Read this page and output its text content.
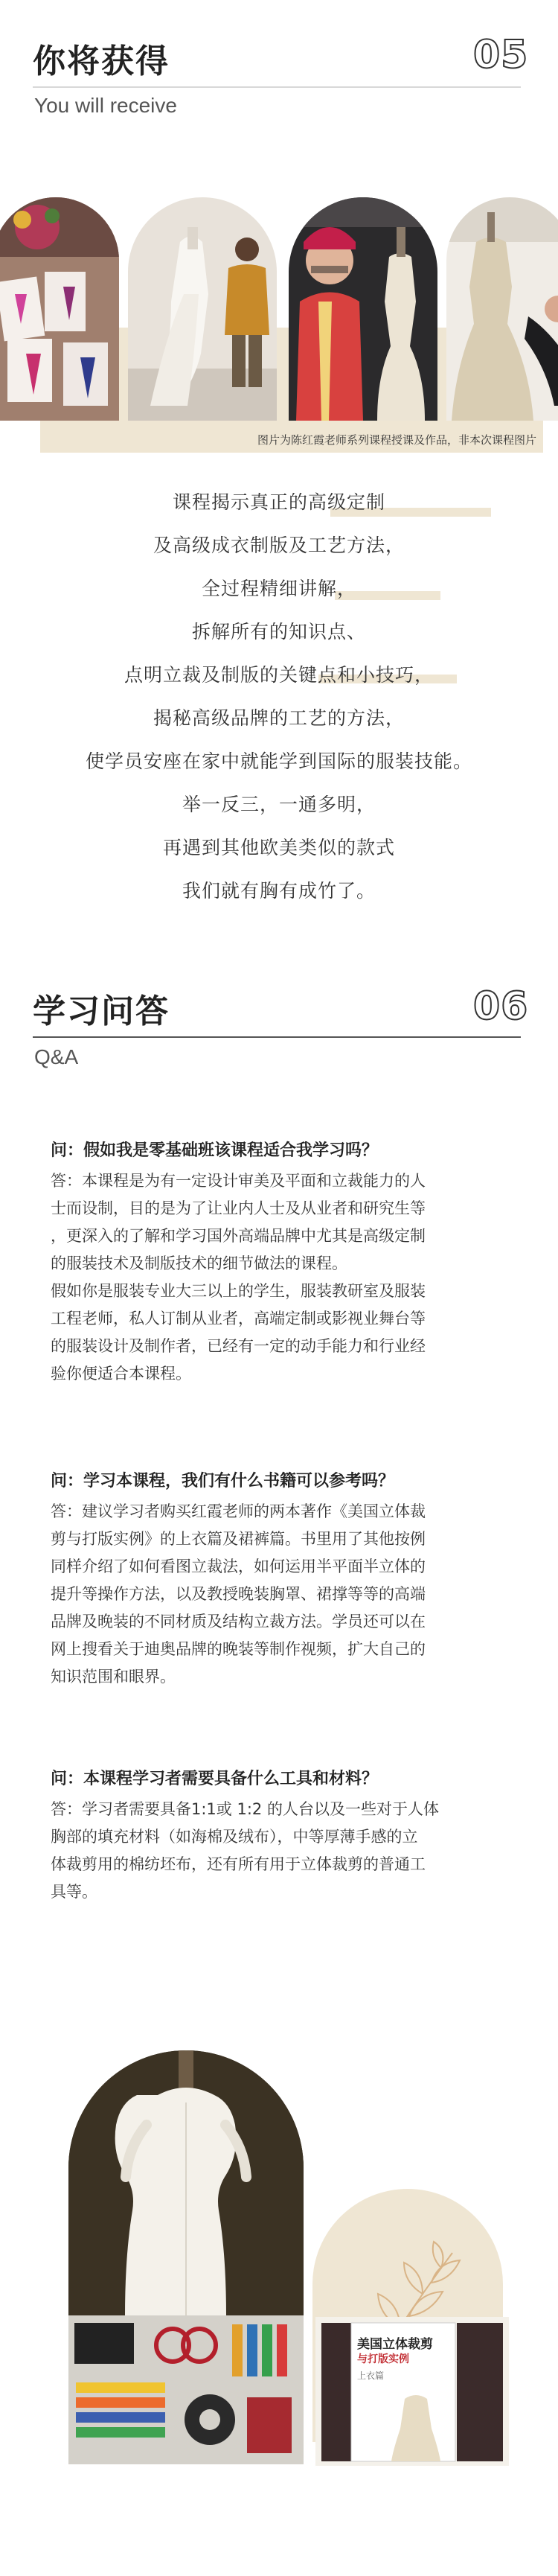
你将获得	05
You will receive
图片为陈红霞老师系列课程授课及作品，非本次课程图片
课程揭示真正的高级定制
及高级成衣制版及工艺方法，
全过程精细讲解，
拆解所有的知识点、
点明立裁及制版的关键点和小技巧，
揭秘高级品牌的工艺的方法，
使学员安座在家中就能学到国际的服装技能。
举一反三，一通多明，
再遇到其他欧美类似的款式
我们就有胸有成竹了。
学习问答	06
Q&A
问：假如我是零基础班该课程适合我学习吗？
答：本课程是为有一定设计审美及平面和立裁能力的人
士而设制，目的是为了让业内人士及从业者和研究生等
，更深入的了解和学习国外高端品牌中尤其是高级定制
的服装技术及制版技术的细节做法的课程。
假如你是服装专业大三以上的学生，服装教研室及服装
工程老师，私人订制从业者，高端定制或影视业舞台等
的服装设计及制作者，已经有一定的动手能力和行业经
验你便适合本课程。
问：学习本课程，我们有什么书籍可以参考吗？
答：建议学习者购买红霞老师的两本著作《美国立体裁
剪与打版实例》的上衣篇及裙裤篇。书里用了其他按例
同样介绍了如何看图立裁法，如何运用半平面半立体的
提升等操作方法，以及教授晚装胸罩、裙撑等等的高端
品牌及晚装的不同材质及结构立裁方法。学员还可以在
网上搜看关于迪奥品牌的晚装等制作视频，扩大自己的
知识范围和眼界。
问：本课程学习者需要具备什么工具和材料？
答：学习者需要具备1:1或 1:2 的人台以及一些对于人体
胸部的填充材料（如海棉及绒布），中等厚薄手感的立
体裁剪用的棉纺坯布，还有所有用于立体裁剪的普通工
具等。
美国立体裁剪
与打版实例
上衣篇
